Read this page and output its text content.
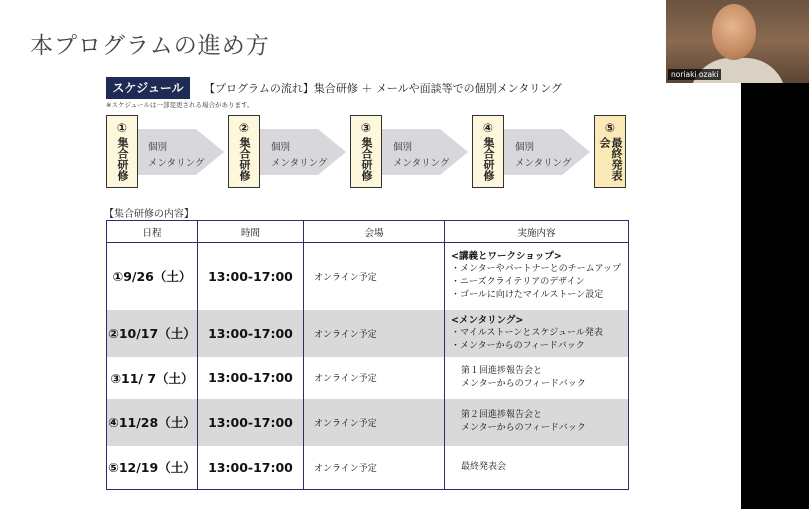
本プログラムの進め方
スケジュール	【プログラムの流れ】集合研修 ＋ メールや面談等での個別メンタリング
※スケジュールは一部変更される場合があります。
①
集合研修 個別
メンタリング
②
集合研修 個別
メンタリング
③
集合研修 個別
メンタリング
④
集合研修 個別
メンタリング
⑤
最終発表会
【集合研修の内容】
日程	時間	会場	実施内容
①9/26（土）	13:00-17:00	オンライン予定	<講義とワークショップ>
・メンターやパートナーとのチームアップ
・ニーズクライテリアのデザイン
・ゴールに向けたマイルストーン設定

②10/17（土）	13:00-17:00	オンライン予定	<メンタリング>
・マイルストーンとスケジュール発表
・メンターからのフィードバック

③11/ 7（土）	13:00-17:00	オンライン予定	第１回進捗報告会と
メンターからのフィードバック

④11/28（土）	13:00-17:00	オンライン予定	第２回進捗報告会と
メンターからのフィードバック

⑤12/19（土）	13:00-17:00	オンライン予定	最終発表会
noriaki ozaki
